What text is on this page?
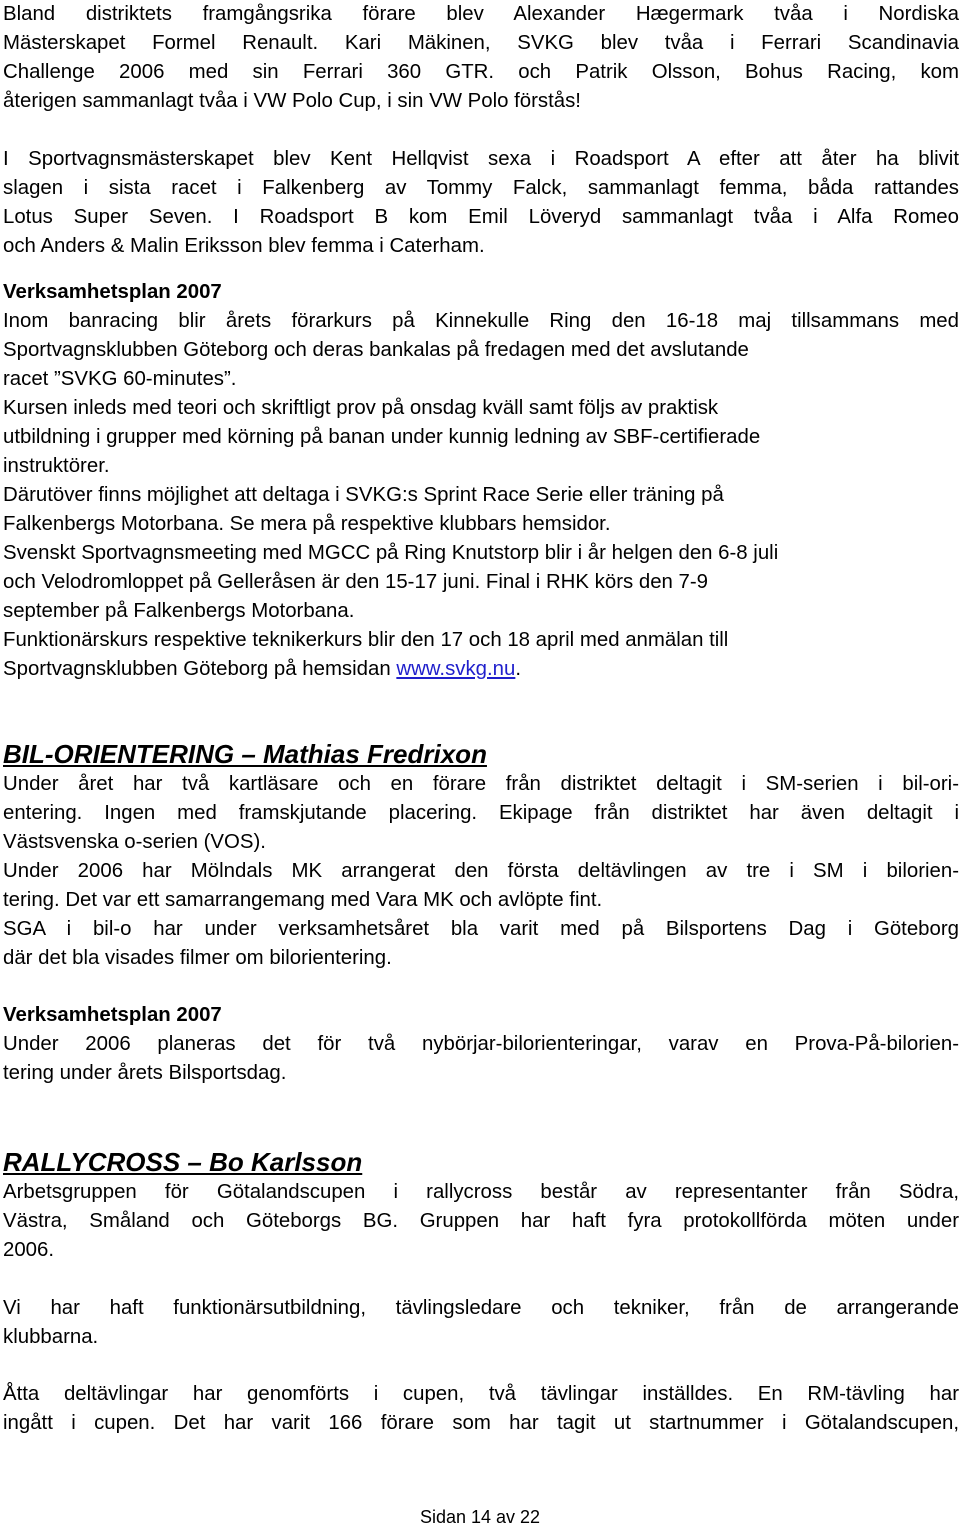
Bland distriktets framgångsrika förare blev Alexander Hægermark tvåa i Nordiska
Mästerskapet Formel Renault. Kari Mäkinen, SVKG blev tvåa i Ferrari Scandinavia
Challenge 2006 med sin Ferrari 360 GTR. och Patrik Olsson, Bohus Racing, kom
återigen sammanlagt tvåa i VW Polo Cup, i sin VW Polo förstås!
I Sportvagnsmästerskapet blev Kent Hellqvist sexa i Roadsport A efter att åter ha blivit
slagen i sista racet i Falkenberg av Tommy Falck, sammanlagt femma, båda rattandes
Lotus Super Seven. I Roadsport B kom Emil Löveryd sammanlagt tvåa i Alfa Romeo
och Anders & Malin Eriksson blev femma i Caterham.
Verksamhetsplan 2007
Inom banracing blir årets förarkurs på Kinnekulle Ring den 16-18 maj tillsammans med
Sportvagnsklubben Göteborg och deras bankalas på fredagen med det avslutande
racet ”SVKG 60-minutes”.
Kursen inleds med teori och skriftligt prov på onsdag kväll samt följs av praktisk
utbildning i grupper med körning på banan under kunnig ledning av SBF-certifierade
instruktörer.
Därutöver finns möjlighet att deltaga i SVKG:s Sprint Race Serie eller träning på
Falkenbergs Motorbana. Se mera på respektive klubbars hemsidor.
Svenskt Sportvagnsmeeting med MGCC på Ring Knutstorp blir i år helgen den 6-8 juli
och Velodromloppet på Gelleråsen är den 15-17 juni. Final i RHK körs den 7-9
september på Falkenbergs Motorbana.
Funktionärskurs respektive teknikerkurs blir den 17 och 18 april med anmälan till
Sportvagnsklubben Göteborg på hemsidan www.svkg.nu.
BIL-ORIENTERING – Mathias Fredrixon
Under året har två kartläsare och en förare från distriktet deltagit i SM-serien i bil-ori-
entering. Ingen med framskjutande placering. Ekipage från distriktet har även deltagit i
Västsvenska o-serien (VOS).
Under 2006 har Mölndals MK arrangerat den första deltävlingen av tre i SM i bilorien-
tering. Det var ett samarrangemang med Vara MK och avlöpte fint.
SGA i bil-o har under verksamhetsåret bla varit med på Bilsportens Dag i Göteborg
där det bla visades filmer om bilorientering.
Verksamhetsplan 2007
Under 2006 planeras det för två nybörjar-bilorienteringar, varav en Prova-På-bilorien-
tering under årets Bilsportsdag.
RALLYCROSS – Bo Karlsson
Arbetsgruppen för Götalandscupen i rallycross består av representanter från Södra,
Västra, Småland och Göteborgs BG. Gruppen har haft fyra protokollförda möten under
2006.
Vi har haft funktionärsutbildning, tävlingsledare och tekniker, från de arrangerande
klubbarna.
Åtta deltävlingar har genomförts i cupen, två tävlingar inställdes. En RM-tävling har
ingått i cupen. Det har varit 166 förare som har tagit ut startnummer i Götalandscupen,
Sidan 14 av 22
